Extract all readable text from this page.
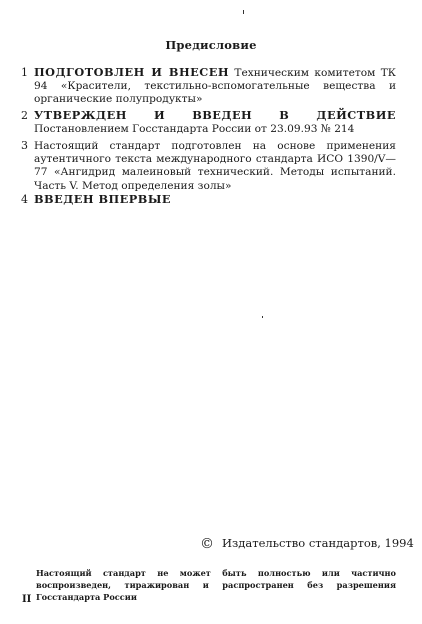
Предисловие
1 ПОДГОТОВЛЕН И ВНЕСЕН Техническим комитетом ТК 94 «Красители, текстильно-вспомогательные вещества и органические полупродукты»
2 УТВЕРЖДЕН И ВВЕДЕН В ДЕЙСТВИЕ Постановлением Госстандарта России от 23.09.93 № 214
3 Настоящий стандарт подготовлен на основе применения аутентичного текста международного стандарта ИСО 1390/V—77 «Ангидрид малеиновый технический. Методы испытаний. Часть V. Метод определения золы»
4 ВВЕДЕН ВПЕРВЫЕ
© Издательство стандартов, 1994
Настоящий стандарт не может быть полностью или частично воспроизведен, тиражирован и распространен без разрешения Госстандарта России
II
